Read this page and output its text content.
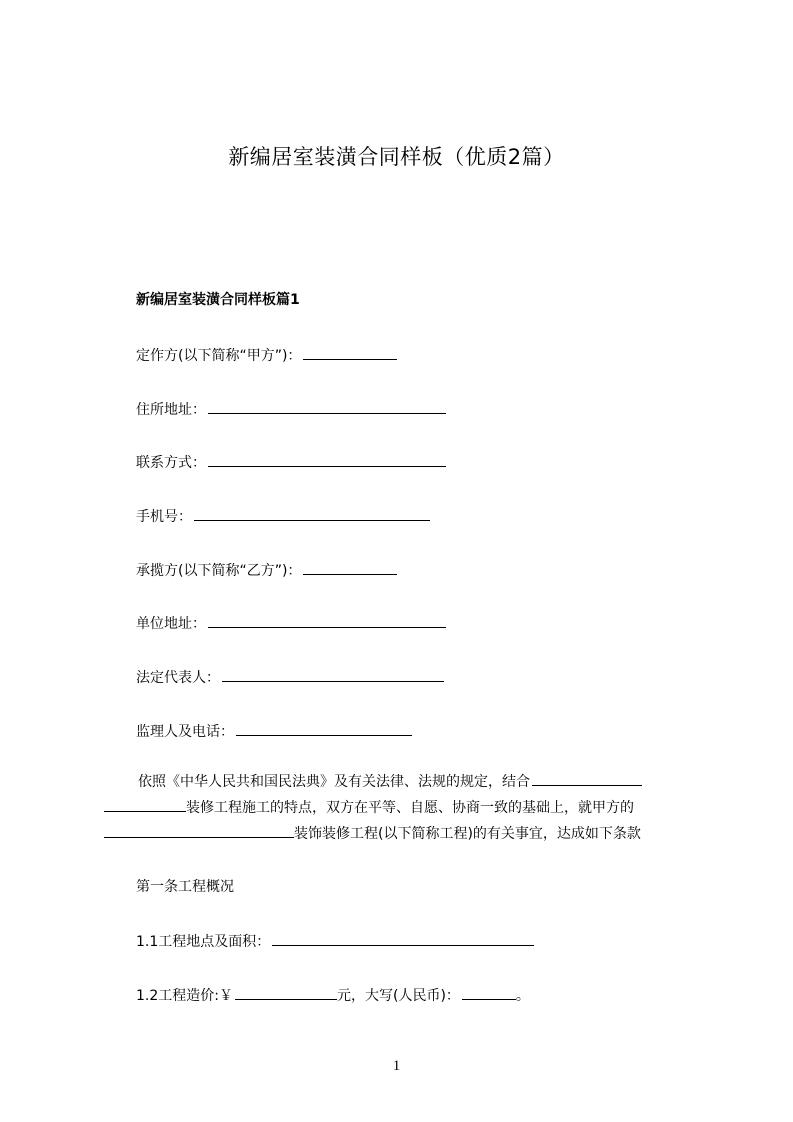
新编居室装潢合同样板（优质2篇）
新编居室装潢合同样板篇1
定作方(以下简称“甲方”)：
住所地址：
联系方式：
手机号：
承揽方(以下简称“乙方”)：
单位地址：
法定代表人：
监理人及电话：
依照《中华人民共和国民法典》及有关法律、法规的规定，结合
装修工程施工的特点，双方在平等、自愿、协商一致的基础上，就甲方的
装饰装修工程(以下简称工程)的有关事宜，达成如下条款
第一条工程概况
1.1工程地点及面积：
1.2工程造价:￥	元，大写(人民币)：	。
1
